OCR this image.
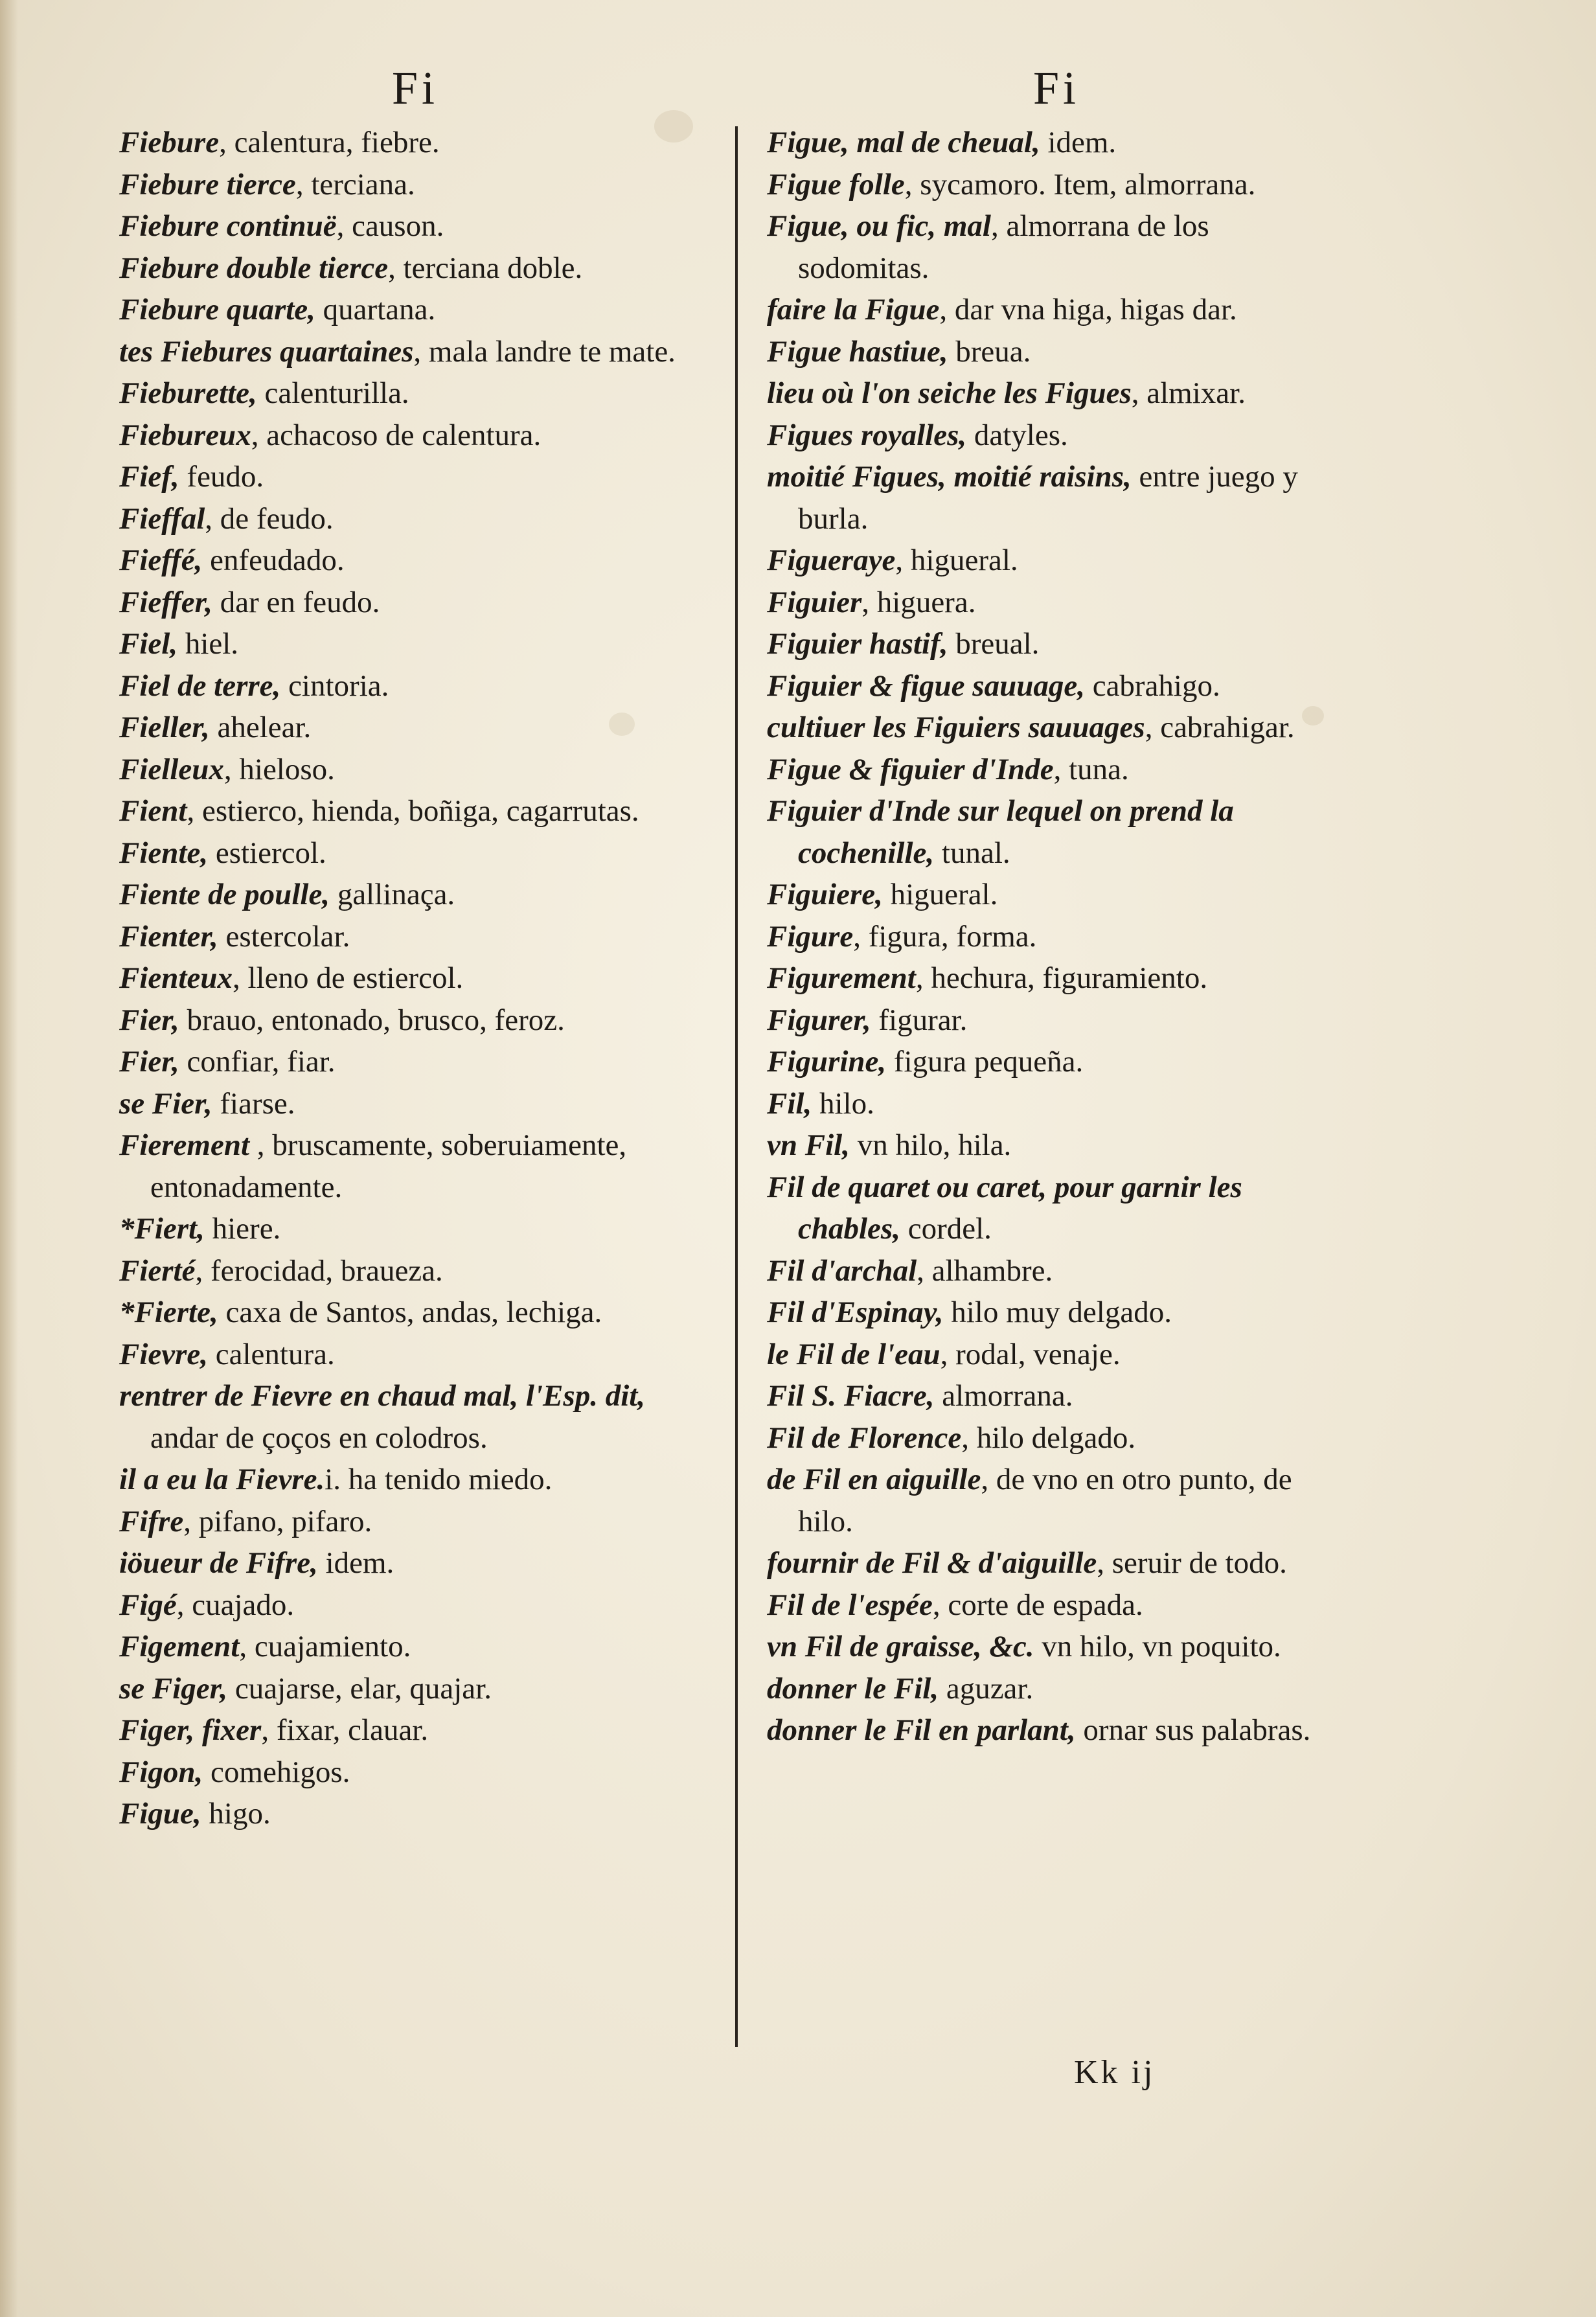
Fi	Fi

Fiebure, calentura, fiebre.

Fiebure tierce, terciana.

Fiebure continuë, causon.

Fiebure double tierce, terciana doble.

Fiebure quarte, quartana.

tes Fiebures quartaines, mala landre te mate.

Fieburette, calenturilla.

Fiebureux, achacoso de calentura.

Fief, feudo.

Fieffal, de feudo.

Fieffé, enfeudado.

Fieffer, dar en feudo.

Fiel, hiel.

Fiel de terre, cintoria.

Fieller, ahelear.

Fielleux, hieloso.

Fient, estierco, hienda, boñiga, cagarrutas.

Fiente, estiercol.

Fiente de poulle, gallinaça.

Fienter, estercolar.

Fienteux, lleno de estiercol.

Fier, brauo, entonado, brusco, feroz.

Fier, confiar, fiar.

se Fier, fiarse.

Fierement , bruscamente, soberuiamente, entonadamente.

*Fiert, hiere.

Fierté, ferocidad, braueza.

*Fierte, caxa de Santos, andas, lechiga.

Fievre, calentura.

rentrer de Fievre en chaud mal, l'Esp. dit, andar de çoços en colodros.

il a eu la Fievre.i. ha tenido miedo.

Fifre, pifano, pifaro.

iöueur de Fifre, idem.

Figé, cuajado.

Figement, cuajamiento.

se Figer, cuajarse, elar, quajar.

Figer, fixer, fixar, clauar.

Figon, comehigos.

Figue, higo.

Figue, mal de cheual, idem.

Figue folle, sycamoro. Item, almorrana.

Figue, ou fic, mal, almorrana de los sodomitas.

faire la Figue, dar vna higa, higas dar.

Figue hastiue, breua.

lieu où l'on seiche les Figues, almixar.

Figues royalles, datyles.

moitié Figues, moitié raisins, entre juego y burla.

Figueraye, higueral.

Figuier, higuera.

Figuier hastif, breual.

Figuier & figue sauuage, cabrahigo.

cultiuer les Figuiers sauuages, cabrahigar.

Figue & figuier d'Inde, tuna.

Figuier d'Inde sur lequel on prend la cochenille, tunal.

Figuiere, higueral.

Figure, figura, forma.

Figurement, hechura, figuramiento.

Figurer, figurar.

Figurine, figura pequeña.

Fil, hilo.

vn Fil, vn hilo, hila.

Fil de quaret ou caret, pour garnir les chables, cordel.

Fil d'archal, alhambre.

Fil d'Espinay, hilo muy delgado.

le Fil de l'eau, rodal, venaje.

Fil S. Fiacre, almorrana.

Fil de Florence, hilo delgado.

de Fil en aiguille, de vno en otro punto, de hilo.

fournir de Fil & d'aiguille, seruir de todo.

Fil de l'espée, corte de espada.

vn Fil de graisse, &c. vn hilo, vn poquito.

donner le Fil, aguzar.

donner le Fil en parlant, ornar sus palabras.

Kk ij
